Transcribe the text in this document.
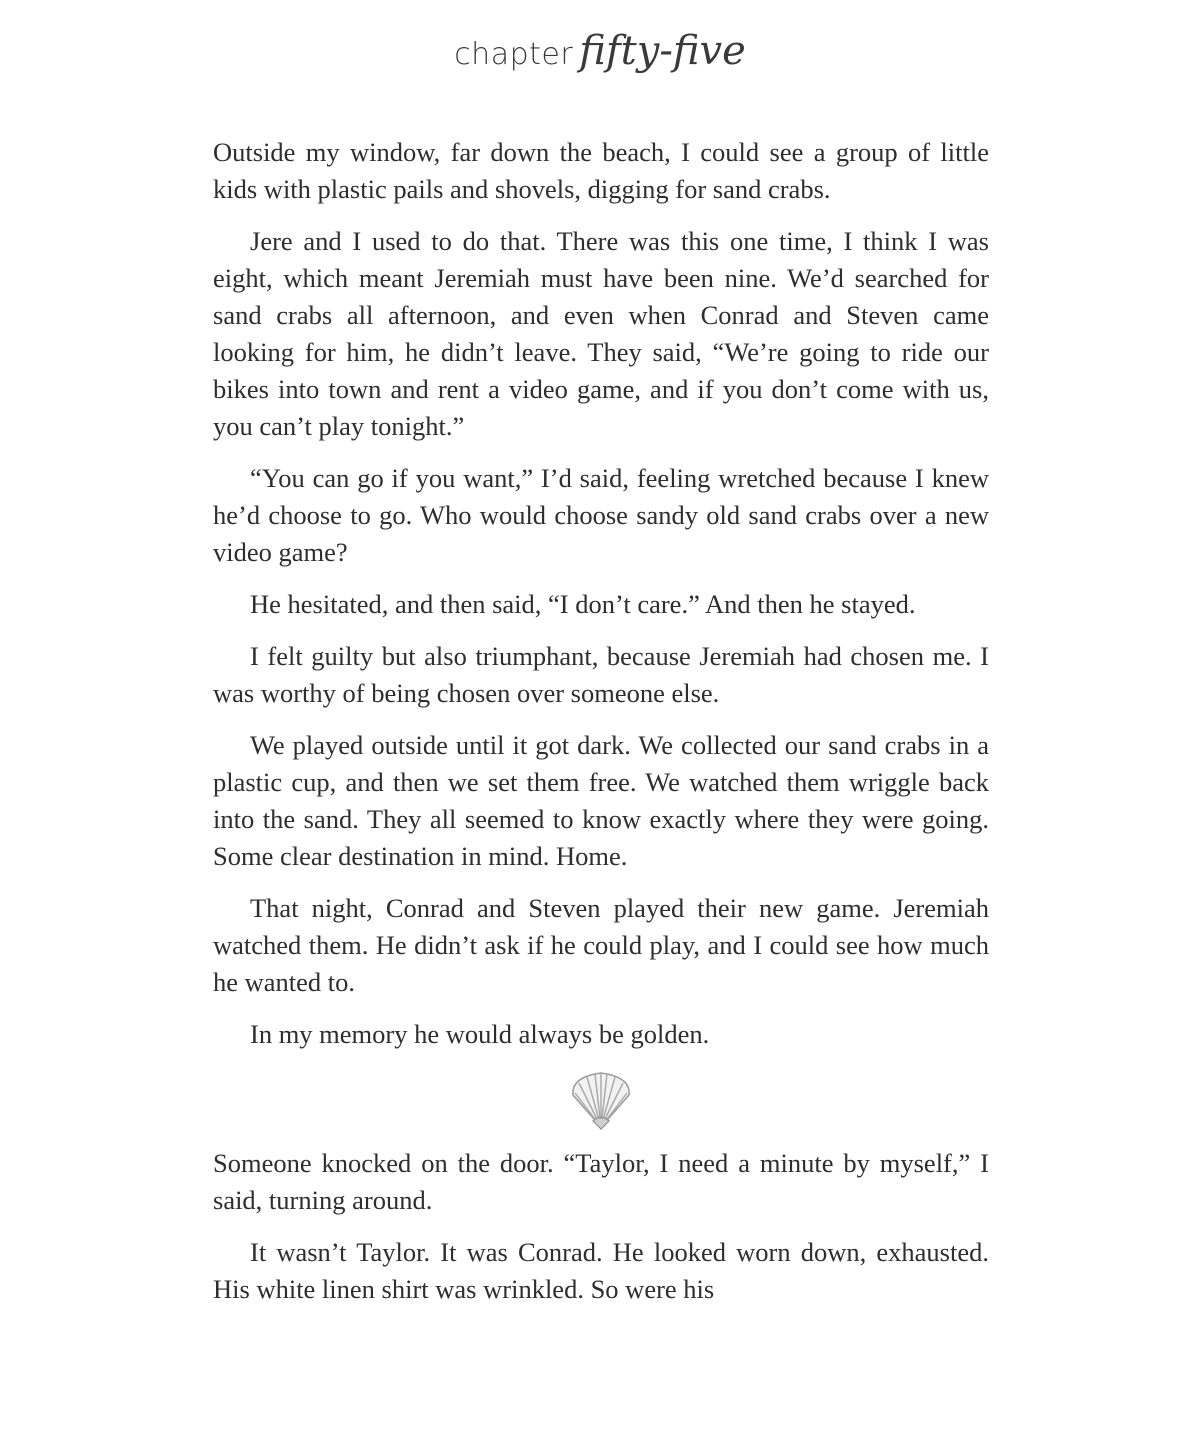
chapter fifty-five

Outside my window, far down the beach, I could see a group of little kids with plastic pails and shovels, digging for sand crabs.

Jere and I used to do that. There was this one time, I think I was eight, which meant Jeremiah must have been nine. We’d searched for sand crabs all afternoon, and even when Conrad and Steven came looking for him, he didn’t leave. They said, “We’re going to ride our bikes into town and rent a video game, and if you don’t come with us, you can’t play tonight.”

“You can go if you want,” I’d said, feeling wretched because I knew he’d choose to go. Who would choose sandy old sand crabs over a new video game?

He hesitated, and then said, “I don’t care.” And then he stayed.

I felt guilty but also triumphant, because Jeremiah had chosen me. I was worthy of being chosen over someone else.

We played outside until it got dark. We collected our sand crabs in a plastic cup, and then we set them free. We watched them wriggle back into the sand. They all seemed to know exactly where they were going. Some clear destination in mind. Home.

That night, Conrad and Steven played their new game. Jeremiah watched them. He didn’t ask if he could play, and I could see how much he wanted to.

In my memory he would always be golden.

Someone knocked on the door. “Taylor, I need a minute by myself,” I said, turning around.

It wasn’t Taylor. It was Conrad. He looked worn down, exhausted. His white linen shirt was wrinkled. So were his
